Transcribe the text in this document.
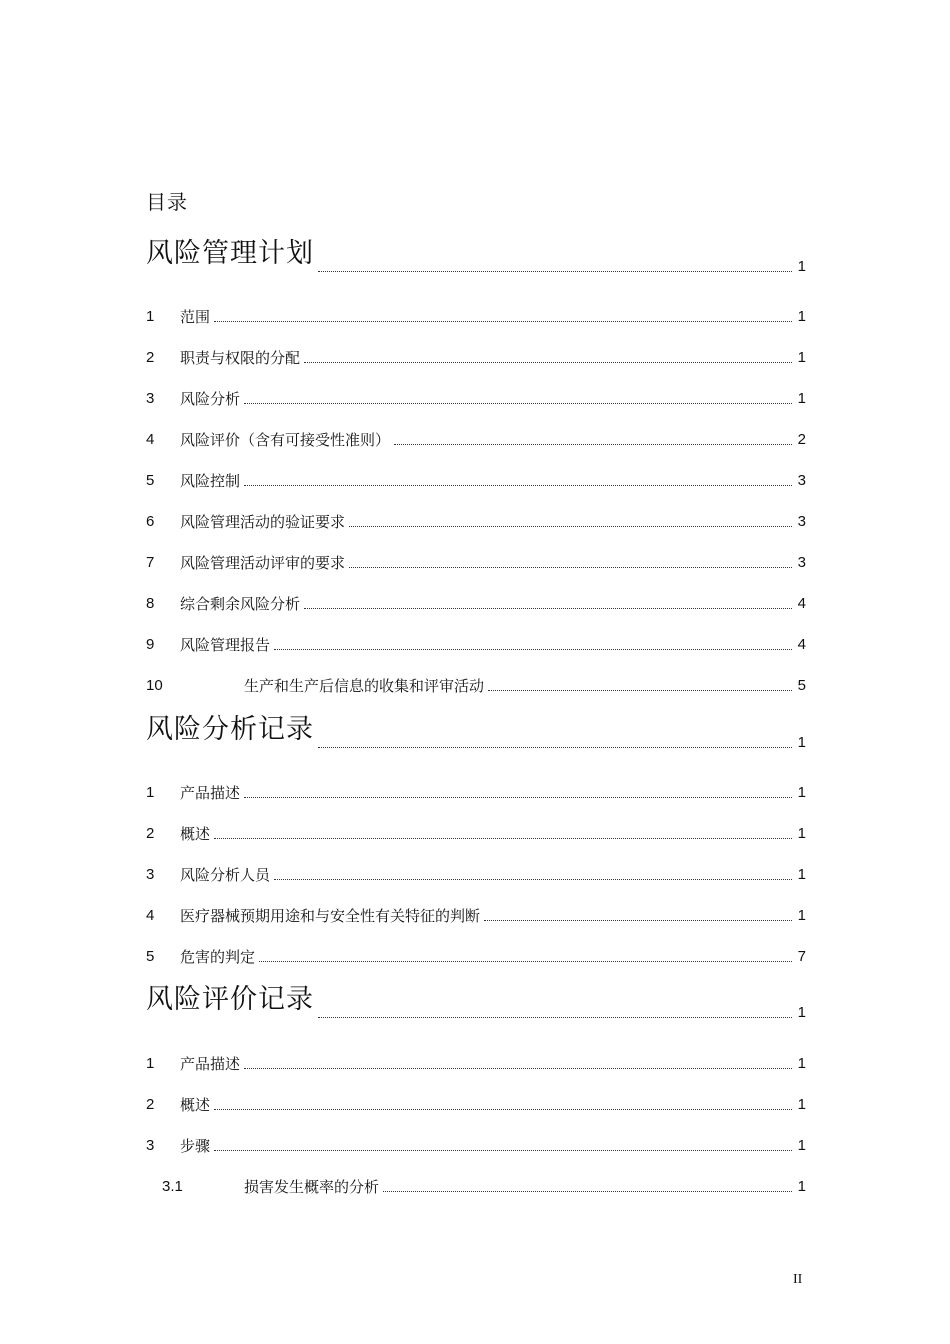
目录
风险管理计划	1
1	范围	1
2	职责与权限的分配	1
3	风险分析	1
4	风险评价（含有可接受性准则）	2
5	风险控制	3
6	风险管理活动的验证要求	3
7	风险管理活动评审的要求	3
8	综合剩余风险分析	4
9	风险管理报告	4
10	生产和生产后信息的收集和评审活动	5
风险分析记录	1
1	产品描述	1
2	概述	1
3	风险分析人员	1
4	医疗器械预期用途和与安全性有关特征的判断	1
5	危害的判定	7
风险评价记录	1
1	产品描述	1
2	概述	1
3	步骤	1
3.1	损害发生概率的分析	1
II
